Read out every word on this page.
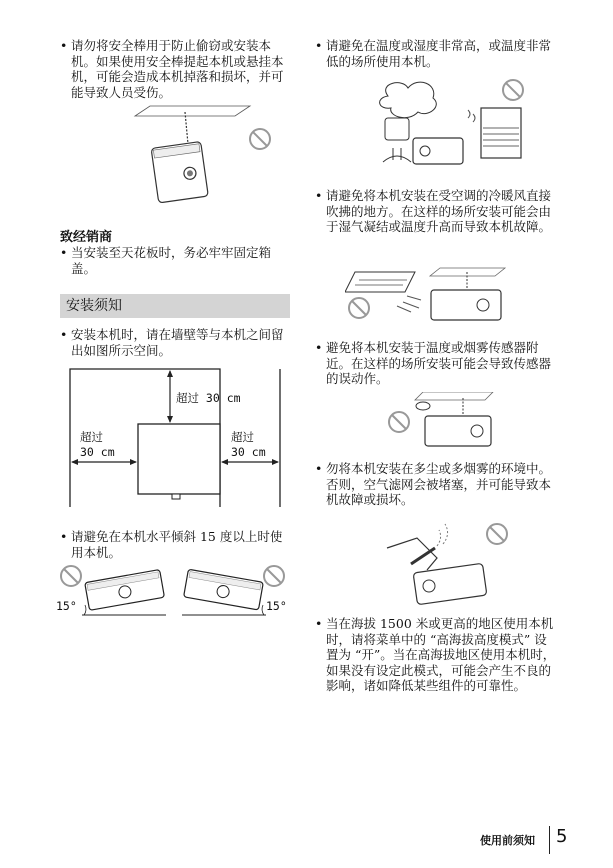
• 请勿将安全棒用于防止偷窃或安装本机。如果使用安全棒提起本机或悬挂本机，可能会造成本机掉落和损坏，并可能导致人员受伤。
致经销商
• 当安装至天花板时，务必牢牢固定箱盖。
安装须知
• 安装本机时，请在墙壁等与本机之间留出如图所示空间。
超过 30 cm
超过
30 cm
超过
30 cm
• 请避免在本机水平倾斜 15 度以上时使用本机。
15°	15°
• 请避免在温度或湿度非常高，或温度非常低的场所使用本机。
• 请避免将本机安装在受空调的冷暖风直接吹拂的地方。在这样的场所安装可能会由于湿气凝结或温度升高而导致本机故障。
• 避免将本机安装于温度或烟雾传感器附近。在这样的场所安装可能会导致传感器的误动作。
• 勿将本机安装在多尘或多烟雾的环境中。否则，空气滤网会被堵塞，并可能导致本机故障或损坏。
• 当在海拔 1500 米或更高的地区使用本机时，请将菜单中的 “高海拔高度模式” 设置为 “开”。当在高海拔地区使用本机时，如果没有设定此模式，可能会产生不良的影响，诸如降低某些组件的可靠性。
使用前须知 5
